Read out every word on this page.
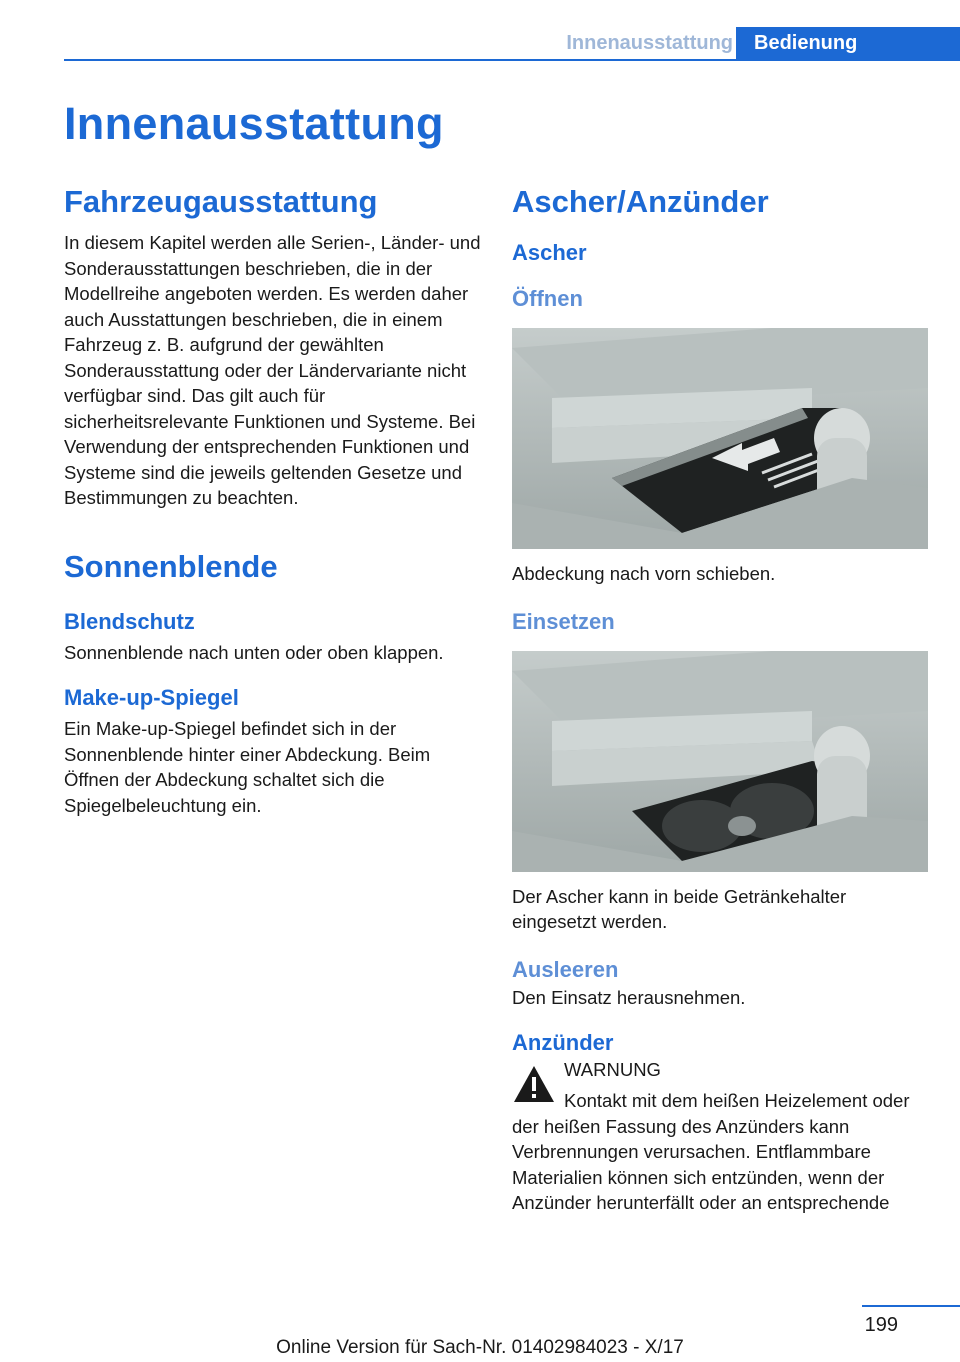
Innenausstattung	Bedienung
Innenausstattung
Fahrzeugausstattung

In diesem Kapitel werden alle Serien-, Länder- und Sonderausstattungen beschrieben, die in der Modellreihe angeboten werden. Es werden daher auch Ausstattungen beschrieben, die in einem Fahrzeug z. B. aufgrund der gewählten Sonderausstattung oder der Ländervariante nicht verfügbar sind. Das gilt auch für sicherheitsrelevante Funktionen und Systeme. Bei Verwendung der entsprechenden Funktionen und Systeme sind die jeweils geltenden Gesetze und Bestimmungen zu beachten.

Sonnenblende
Blendschutz

Sonnenblende nach unten oder oben klappen.

Make-up-Spiegel

Ein Make-up-Spiegel befindet sich in der Sonnenblende hinter einer Abdeckung. Beim Öffnen der Abdeckung schaltet sich die Spiegelbeleuchtung ein.

Ascher/Anzünder
Ascher
Öffnen

Abdeckung nach vorn schieben.

Einsetzen

Der Ascher kann in beide Getränkehalter eingesetzt werden.

Ausleeren

Den Einsatz herausnehmen.

Anzünder
WARNUNG

Kontakt mit dem heißen Heizelement oder der heißen Fassung des Anzünders kann Verbrennungen verursachen. Entflammbare Materialien können sich entzünden, wenn der Anzünder herunterfällt oder an entsprechende

199
Online Version für Sach-Nr. 01402984023 - X/17
